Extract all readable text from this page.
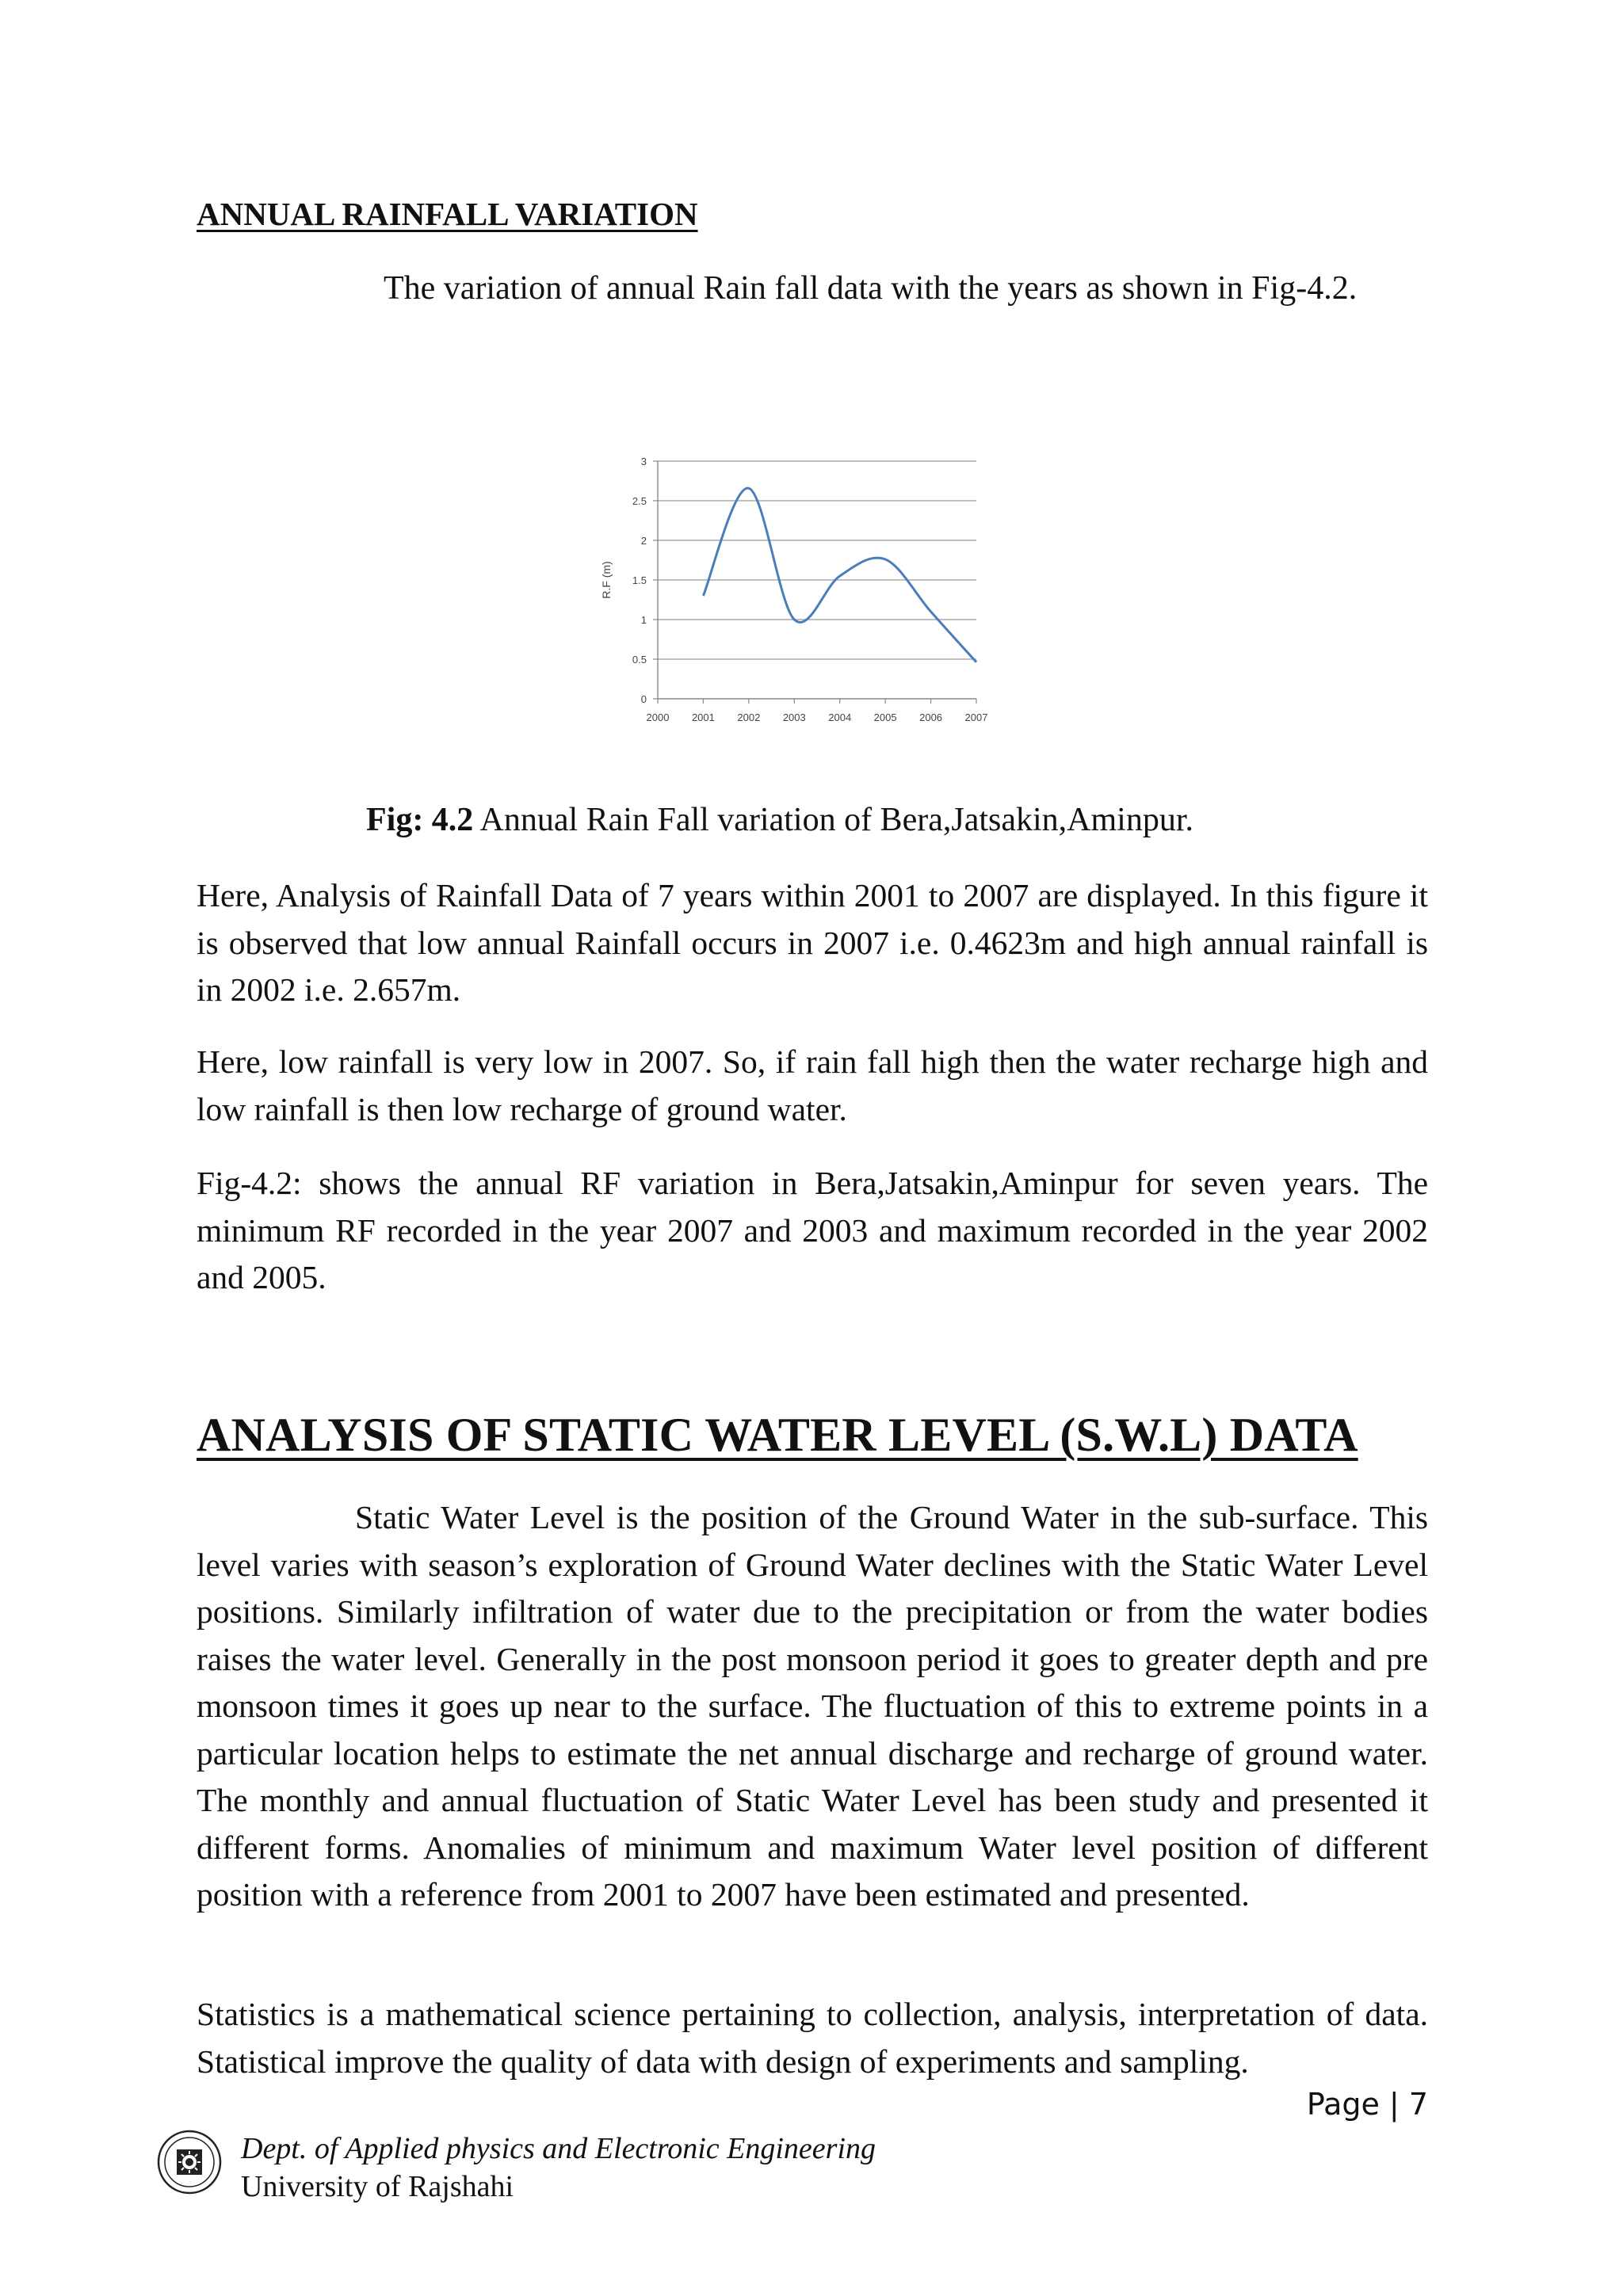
ANNUAL RAINFALL VARIATION

The variation of annual Rain fall data with the years as shown in Fig-4.2.

0
0.5
1
1.5
2
2.5
3
2000 2001 2002 2003 2004 2005 2006 2007
R.F (m)

Fig: 4.2 Annual Rain Fall variation of Bera,Jatsakin,Aminpur.

Here, Analysis of Rainfall Data of 7 years within 2001 to 2007 are displayed. In this figure it is observed that low annual Rainfall occurs in 2007 i.e. 0.4623m and high annual rainfall is in 2002 i.e. 2.657m.

Here, low rainfall is very low in 2007. So, if rain fall high then the water recharge high and low rainfall is then low recharge of ground water.

Fig-4.2: shows the annual RF variation in Bera,Jatsakin,Aminpur for seven years. The minimum RF recorded in the year 2007 and 2003 and maximum recorded in the year 2002 and 2005.

ANALYSIS OF STATIC WATER LEVEL (S.W.L) DATA

Static Water Level is the position of the Ground Water in the sub-surface. This level varies with season’s exploration of Ground Water declines with the Static Water Level positions. Similarly infiltration of water due to the precipitation or from the water bodies raises the water level. Generally in the post monsoon period it goes to greater depth and pre monsoon times it goes up near to the surface. The fluctuation of this to extreme points in a particular location helps to estimate the net annual discharge and recharge of ground water. The monthly and annual fluctuation of Static Water Level has been study and presented it different forms. Anomalies of minimum and maximum Water level position of different position with a reference from 2001 to 2007 have been estimated and presented.

Statistics is a mathematical science pertaining to collection, analysis, interpretation of data. Statistical improve the quality of data with design of experiments and sampling.

Page | 7

Dept. of Applied physics and Electronic Engineering

University of Rajshahi
